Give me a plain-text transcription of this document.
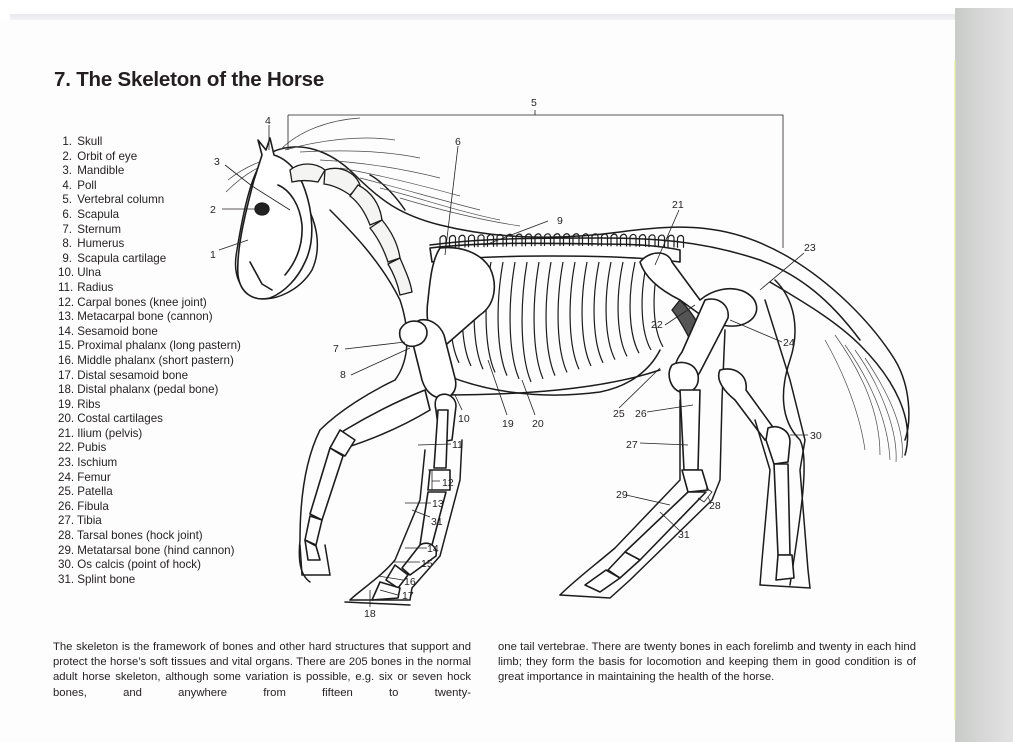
7. The Skeleton of the Horse
1. Skull
2. Orbit of eye
3. Mandible
4. Poll
5. Vertebral column
6. Scapula
7. Sternum
8. Humerus
9. Scapula cartilage
10. Ulna
11. Radius
12. Carpal bones (knee joint)
13. Metacarpal bone (cannon)
14. Sesamoid bone
15. Proximal phalanx (long pastern)
16. Middle phalanx (short pastern)
17. Distal sesamoid bone
18. Distal phalanx (pedal bone)
19. Ribs
20. Costal cartilages
21. Ilium (pelvis)
22. Pubis
23. Ischium
24. Femur
25. Patella
26. Fibula
27. Tibia
28. Tarsal bones (hock joint)
29. Metatarsal bone (hind cannon)
30. Os calcis (point of hock)
31. Splint bone
1
2
3
4
5
6
7
8
9
10
11
12
13
31
14
15
16
17
18
19 20
21
22
23
24
25 26
27
28
29
30
31
The skeleton is the framework of bones and other hard structures that support and protect the horse’s soft tissues and vital organs. There are 205 bones in the normal adult horse skeleton, although some variation is possible, e.g. six or seven hock bones, and anywhere from fifteen to twenty-
one tail vertebrae. There are twenty bones in each forelimb and twenty in each hind limb; they form the basis for locomotion and keeping them in good condition is of great importance in maintaining the health of the horse.
